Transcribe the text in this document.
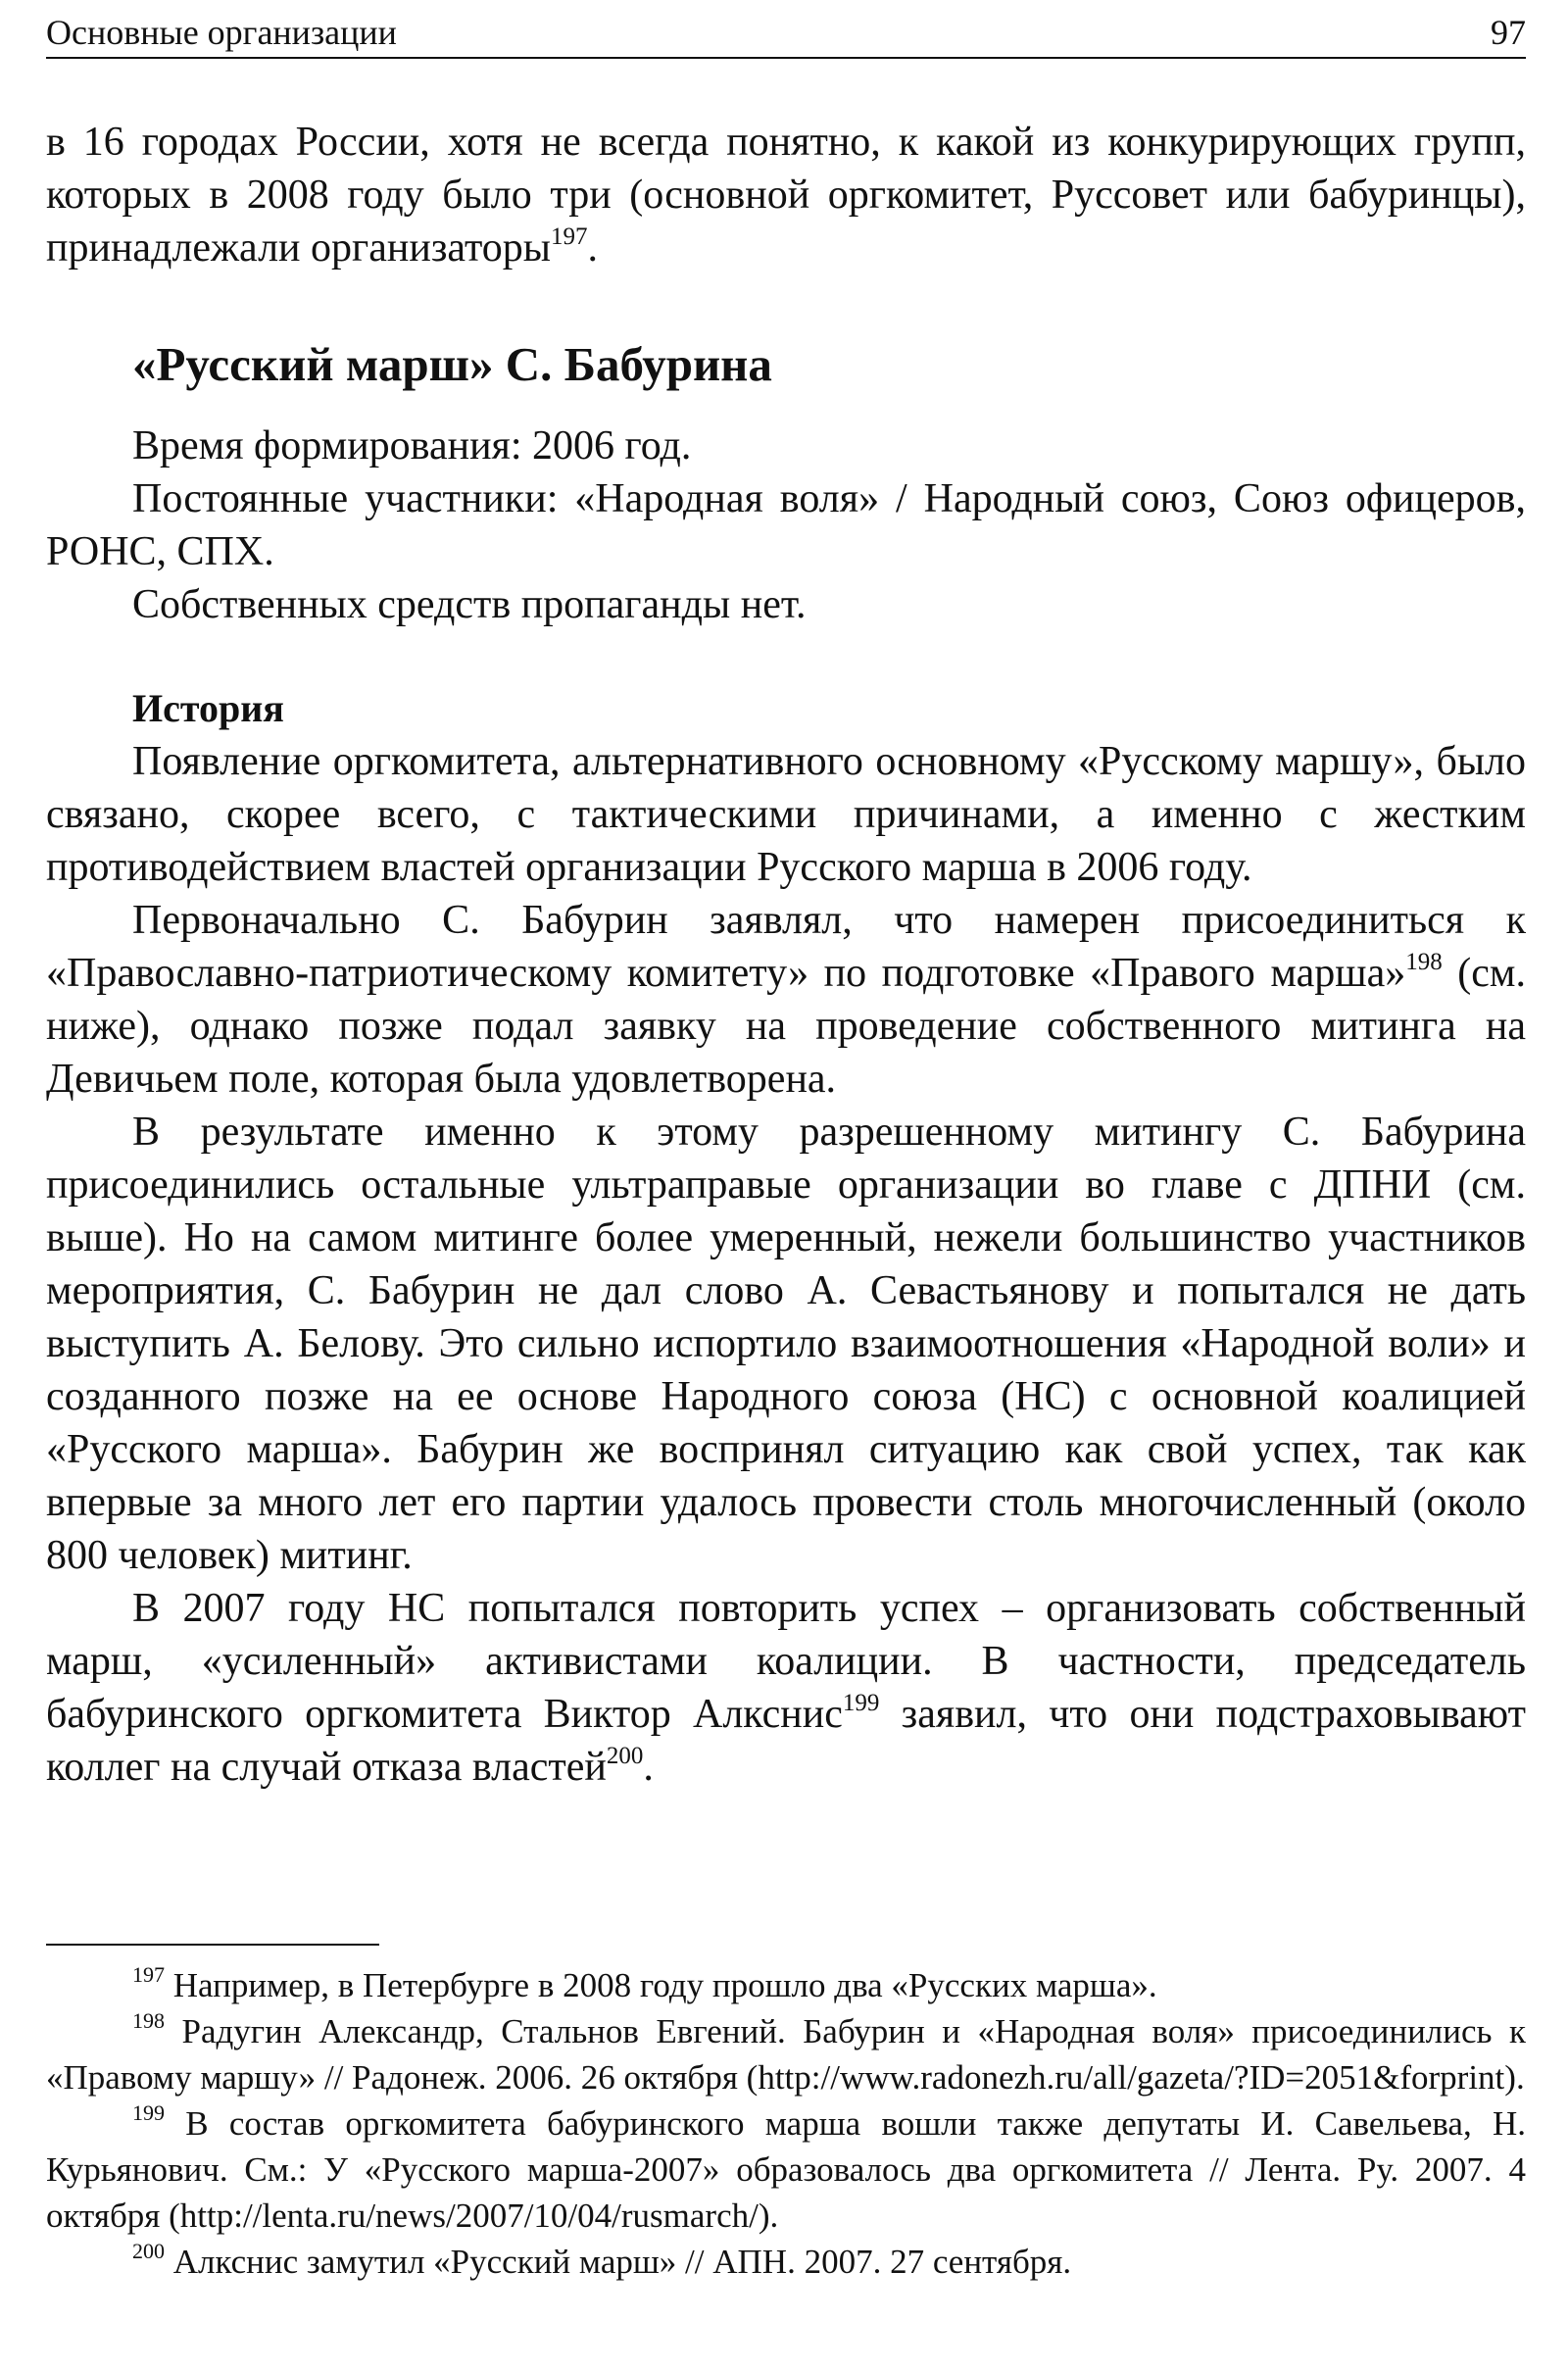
Основные организации	97

в 16 городах России, хотя не всегда понятно, к какой из конкурирующих групп, которых в 2008 году было три (основной оргкомитет, Руссовет или бабуринцы), принадлежали организаторы$^{197}$.

«Русский марш» С. Бабурина

Время формирования: 2006 год.

Постоянные участники: «Народная воля» / Народный союз, Союз офицеров, РОНС, СПХ.

Собственных средств пропаганды нет.

История

Появление оргкомитета, альтернативного основному «Русскому маршу», было связано, скорее всего, с тактическими причинами, а именно с жестким противодействием властей организации Русского марша в 2006 году.

Первоначально С. Бабурин заявлял, что намерен присоединиться к «Православно-патриотическому комитету» по подготовке «Правого марша»$^{198}$ (см. ниже), однако позже подал заявку на проведение собственного митинга на Девичьем поле, которая была удовлетворена.

В результате именно к этому разрешенному митингу С. Бабурина присоединились остальные ультраправые организации во главе с ДПНИ (см. выше). Но на самом митинге более умеренный, нежели большинство участников мероприятия, С. Бабурин не дал слово А. Севастьянову и попытался не дать выступить А. Белову. Это сильно испортило взаимоотношения «Народной воли» и созданного позже на ее основе Народного союза (НС) с основной коалицией «Русского марша». Бабурин же воспринял ситуацию как свой успех, так как впервые за много лет его партии удалось провести столь многочисленный (около 800 человек) митинг.

В 2007 году НС попытался повторить успех – организовать собственный марш, «усиленный» активистами коалиции. В частности, председатель бабуринского оргкомитета Виктор Алкснис$^{199}$ заявил, что они подстраховывают коллег на случай отказа властей$^{200}$.

$^{197}$ Например, в Петербурге в 2008 году прошло два «Русских марша».

$^{198}$ Радугин Александр, Стальнов Евгений. Бабурин и «Народная воля» присоединились к «Правому маршу» // Радонеж. 2006. 26 октября (http://www.radonezh.ru/all/gazeta/?ID=2051&forprint).

$^{199}$ В состав оргкомитета бабуринского марша вошли также депутаты И. Савельева, Н. Курьянович. См.: У «Русского марша-2007» образовалось два оргкомитета // Лента. Ру. 2007. 4 октября (http://lenta.ru/news/2007/10/04/rusmarch/).

$^{200}$ Алкснис замутил «Русский марш» // АПН. 2007. 27 сентября.
